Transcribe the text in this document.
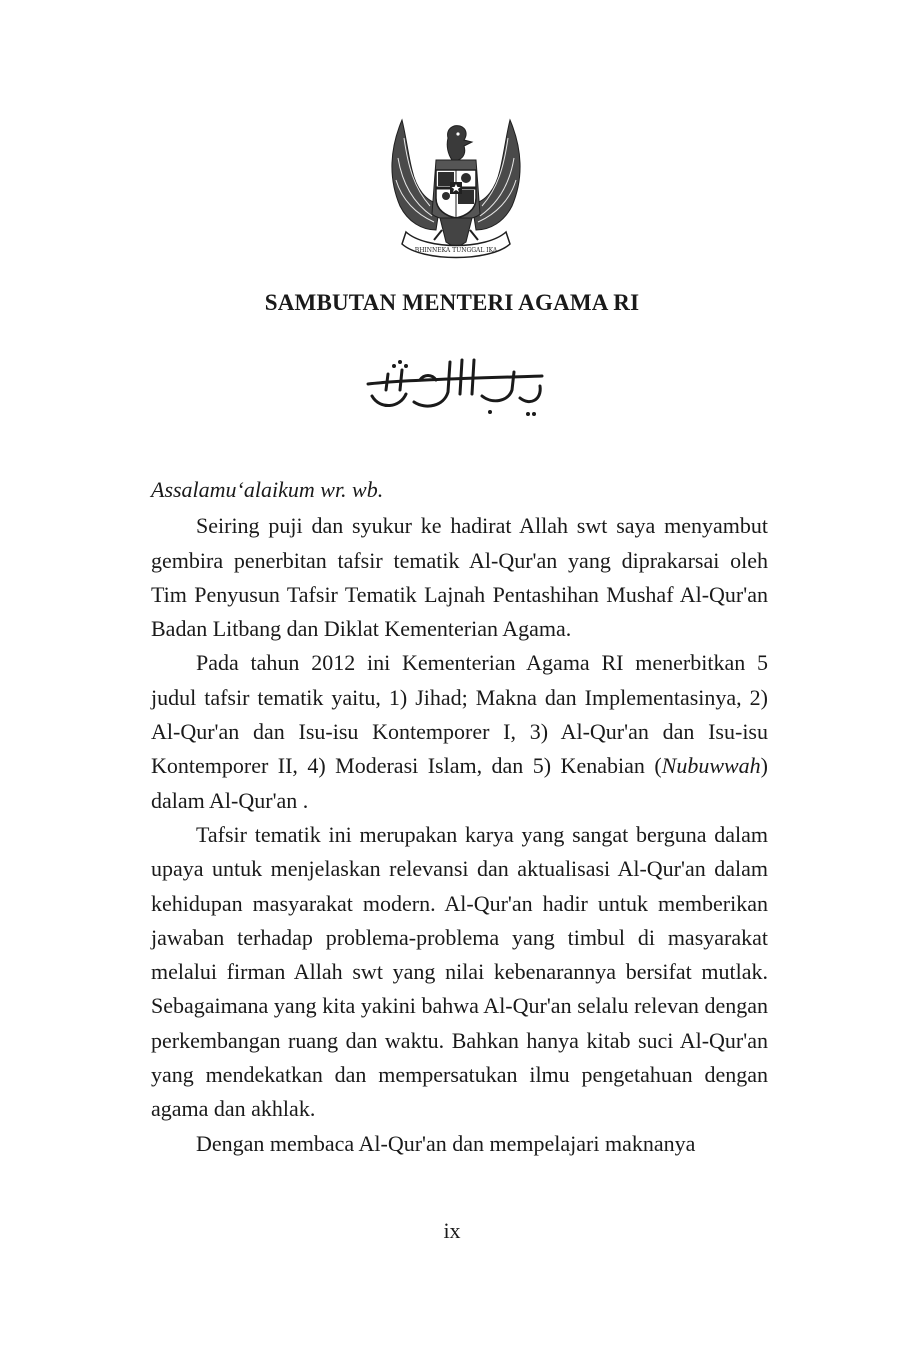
BHINNEKA TUNGGAL IKA
SAMBUTAN MENTERI AGAMA RI
بسم الله الرحمن الرحيم

Assalamu‘alaikum wr. wb.

Seiring puji dan syukur ke hadirat Allah swt saya menyambut gembira penerbitan tafsir tematik Al-Qur'an yang diprakarsai oleh Tim Penyusun Tafsir Tematik Lajnah Pentashihan Mushaf Al-Qur'an Badan Litbang dan Diklat Kementerian Agama.

Pada tahun 2012 ini Kementerian Agama RI menerbitkan 5 judul tafsir tematik yaitu, 1) Jihad; Makna dan Implementasinya, 2) Al-Qur'an dan Isu-isu Kontemporer I, 3) Al-Qur'an dan Isu-isu Kontemporer II, 4) Moderasi Islam, dan 5) Kenabian (Nubuwwah) dalam Al-Qur'an .

Tafsir tematik ini merupakan karya yang sangat berguna dalam upaya untuk menjelaskan relevansi dan aktualisasi Al-Qur'an dalam kehidupan masyarakat modern. Al-Qur'an hadir untuk memberikan jawaban terhadap problema-problema yang timbul di masyarakat melalui firman Allah swt yang nilai kebenarannya bersifat mutlak. Sebagaimana yang kita yakini bahwa Al-Qur'an selalu relevan dengan perkembangan ruang dan waktu. Bahkan hanya kitab suci Al-Qur'an yang mendekatkan dan mempersatukan ilmu pengetahuan dengan agama dan akhlak.

Dengan membaca Al-Qur'an dan mempelajari maknanya

ix
